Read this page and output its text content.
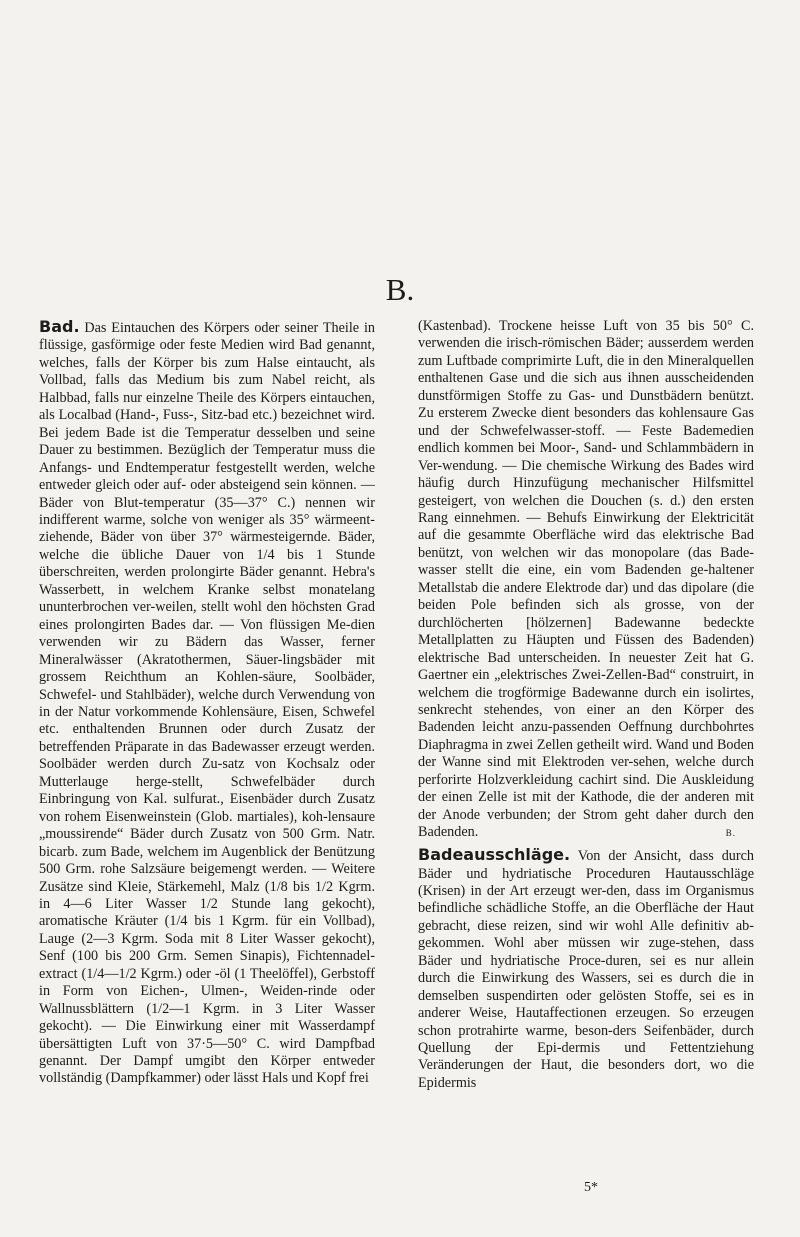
B.

Bad. Das Eintauchen des Körpers oder seiner Theile in flüssige, gasförmige oder feste Medien wird Bad genannt, welches, falls der Körper bis zum Halse eintaucht, als Vollbad, falls das Medium bis zum Nabel reicht, als Halbbad, falls nur einzelne Theile des Körpers eintauchen, als Localbad (Hand-, Fuss-, Sitz-bad etc.) bezeichnet wird. Bei jedem Bade ist die Temperatur desselben und seine Dauer zu bestimmen. Bezüglich der Temperatur muss die Anfangs- und Endtemperatur festgestellt werden, welche entweder gleich oder auf- oder absteigend sein können. — Bäder von Blut-temperatur (35—37° C.) nennen wir indifferent warme, solche von weniger als 35° wärmeent-ziehende, Bäder von über 37° wärmesteigernde. Bäder, welche die übliche Dauer von 1/4 bis 1 Stunde überschreiten, werden prolongirte Bäder genannt. Hebra's Wasserbett, in welchem Kranke selbst monatelang ununterbrochen ver-weilen, stellt wohl den höchsten Grad eines prolongirten Bades dar. — Von flüssigen Me-dien verwenden wir zu Bädern das Wasser, ferner Mineralwässer (Akratothermen, Säuer-lingsbäder mit grossem Reichthum an Kohlen-säure, Soolbäder, Schwefel- und Stahlbäder), welche durch Verwendung von in der Natur vorkommende Kohlensäure, Eisen, Schwefel etc. enthaltenden Brunnen oder durch Zusatz der betreffenden Präparate in das Badewasser erzeugt werden. Soolbäder werden durch Zu-satz von Kochsalz oder Mutterlauge herge-stellt, Schwefelbäder durch Einbringung von Kal. sulfurat., Eisenbäder durch Zusatz von rohem Eisenweinstein (Glob. martiales), koh-lensaure „moussirende“ Bäder durch Zusatz von 500 Grm. Natr. bicarb. zum Bade, welchem im Augenblick der Benützung 500 Grm. rohe Salzsäure beigemengt werden. — Weitere Zusätze sind Kleie, Stärkemehl, Malz (1/8 bis 1/2 Kgrm. in 4—6 Liter Wasser 1/2 Stunde lang gekocht), aromatische Kräuter (1/4 bis 1 Kgrm. für ein Vollbad), Lauge (2—3 Kgrm. Soda mit 8 Liter Wasser gekocht), Senf (100 bis 200 Grm. Semen Sinapis), Fichtennadel-extract (1/4—1/2 Kgrm.) oder -öl (1 Theelöffel), Gerbstoff in Form von Eichen-, Ulmen-, Weiden-rinde oder Wallnussblättern (1/2—1 Kgrm. in 3 Liter Wasser gekocht). — Die Einwirkung einer mit Wasserdampf übersättigten Luft von 37·5—50° C. wird Dampfbad genannt. Der Dampf umgibt den Körper entweder vollständig (Dampfkammer) oder lässt Hals und Kopf frei

(Kastenbad). Trockene heisse Luft von 35 bis 50° C. verwenden die irisch-römischen Bäder; ausserdem werden zum Luftbade comprimirte Luft, die in den Mineralquellen enthaltenen Gase und die sich aus ihnen ausscheidenden dunstförmigen Stoffe zu Gas- und Dunstbädern benützt. Zu ersterem Zwecke dient besonders das kohlensaure Gas und der Schwefelwasser-stoff. — Feste Bademedien endlich kommen bei Moor-, Sand- und Schlammbädern in Ver-wendung. — Die chemische Wirkung des Bades wird häufig durch Hinzufügung mechanischer Hilfsmittel gesteigert, von welchen die Douchen (s. d.) den ersten Rang einnehmen. — Behufs Einwirkung der Elektricität auf die gesammte Oberfläche wird das elektrische Bad benützt, von welchen wir das monopolare (das Bade-wasser stellt die eine, ein vom Badenden ge-haltener Metallstab die andere Elektrode dar) und das dipolare (die beiden Pole befinden sich als grosse, von der durchlöcherten [hölzernen] Badewanne bedeckte Metallplatten zu Häupten und Füssen des Badenden) elektrische Bad unterscheiden. In neuester Zeit hat G. Gaertner ein „elektrisches Zwei-Zellen-Bad“ construirt, in welchem die trogförmige Badewanne durch ein isolirtes, senkrecht stehendes, von einer an den Körper des Badenden leicht anzu-passenden Oeffnung durchbohrtes Diaphragma in zwei Zellen getheilt wird. Wand und Boden der Wanne sind mit Elektroden ver-sehen, welche durch perforirte Holzverkleidung cachirt sind. Die Auskleidung der einen Zelle ist mit der Kathode, die der anderen mit der Anode verbunden; der Strom geht daher durch den Badenden.	B.

Badeausschläge. Von der Ansicht, dass durch Bäder und hydriatische Proceduren Hautausschläge (Krisen) in der Art erzeugt wer-den, dass im Organismus befindliche schädliche Stoffe, an die Oberfläche der Haut gebracht, diese reizen, sind wir wohl Alle definitiv ab-gekommen. Wohl aber müssen wir zuge-stehen, dass Bäder und hydriatische Proce-duren, sei es nur allein durch die Einwirkung des Wassers, sei es durch die in demselben suspendirten oder gelösten Stoffe, sei es in anderer Weise, Hautaffectionen erzeugen. So erzeugen schon protrahirte warme, beson-ders Seifenbäder, durch Quellung der Epi-dermis und Fettentziehung Veränderungen der Haut, die besonders dort, wo die Epidermis

5*
